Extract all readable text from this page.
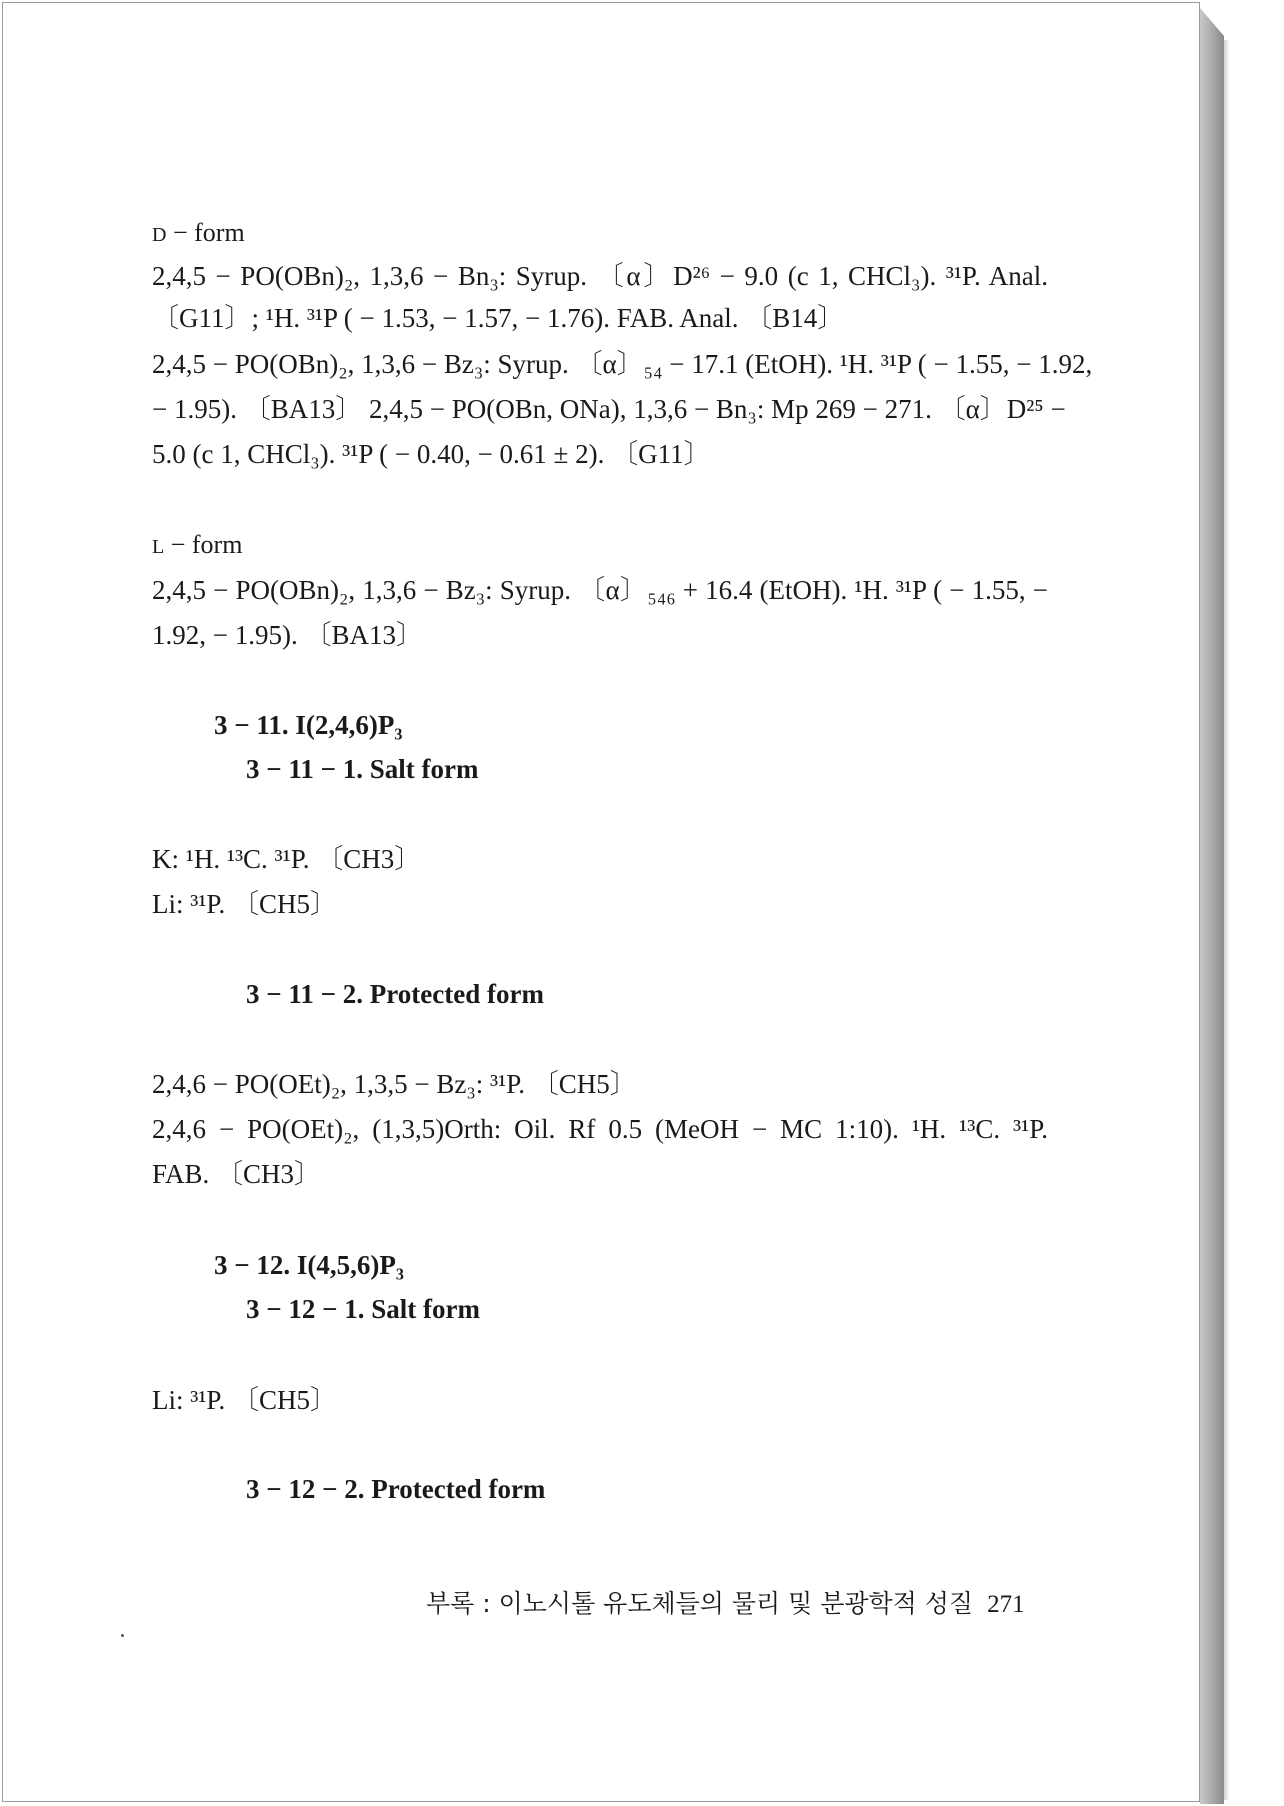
D − form
2,4,5 − PO(OBn)₂, 1,3,6 − Bn₃: Syrup. 〔α〕D²⁶ − 9.0 (c 1, CHCl₃). ³¹P. Anal.
〔G11〕; ¹H. ³¹P ( − 1.53, − 1.57, − 1.76). FAB. Anal. 〔B14〕
2,4,5 − PO(OBn)₂, 1,3,6 − Bz₃: Syrup. 〔α〕₅₄ − 17.1 (EtOH). ¹H. ³¹P ( − 1.55, − 1.92,
− 1.95). 〔BA13〕 2,4,5 − PO(OBn, ONa), 1,3,6 − Bn₃: Mp 269 − 271. 〔α〕D²⁵ −
5.0 (c 1, CHCl₃). ³¹P ( − 0.40, − 0.61 ± 2). 〔G11〕
L − form
2,4,5 − PO(OBn)₂, 1,3,6 − Bz₃: Syrup. 〔α〕₅₄₆ + 16.4 (EtOH). ¹H. ³¹P ( − 1.55, −
1.92, − 1.95). 〔BA13〕
3 − 11. I(2,4,6)P₃
3 − 11 − 1. Salt form
K: ¹H. ¹³C. ³¹P. 〔CH3〕
Li: ³¹P. 〔CH5〕
3 − 11 − 2. Protected form
2,4,6 − PO(OEt)₂, 1,3,5 − Bz₃: ³¹P. 〔CH5〕
2,4,6 − PO(OEt)₂, (1,3,5)Orth: Oil. Rf 0.5 (MeOH − MC 1:10). ¹H. ¹³C. ³¹P.
FAB. 〔CH3〕
3 − 12. I(4,5,6)P₃
3 − 12 − 1. Salt form
Li: ³¹P. 〔CH5〕
3 − 12 − 2. Protected form
부록 : 이노시톨 유도체들의 물리 및 분광학적 성질 271
